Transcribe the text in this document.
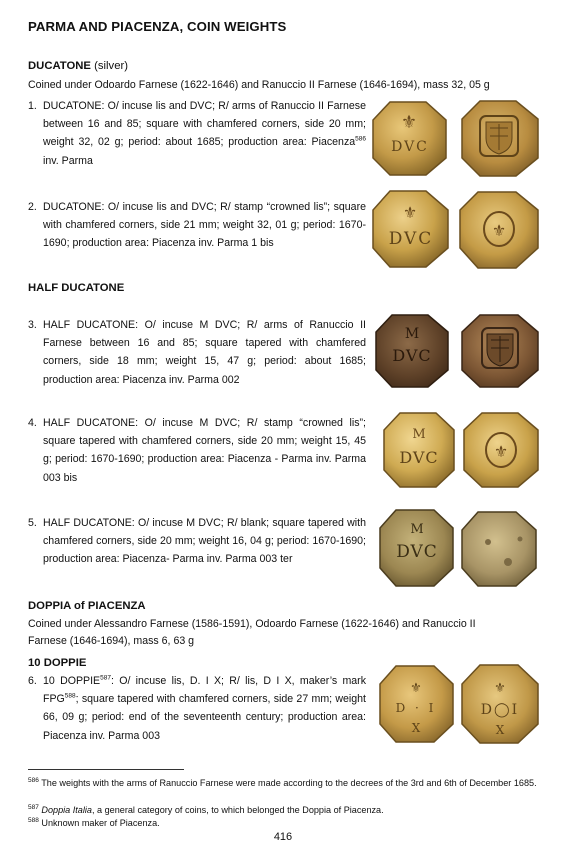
PARMA AND PIACENZA, COIN WEIGHTS
DUCATONE (silver)
Coined under Odoardo Farnese (1622-1646) and Ranuccio II Farnese (1646-1694), mass 32, 05 g
1. DUCATONE: O/ incuse lis and DVC; R/ arms of Ranuccio II Farnese between 16 and 85; square with chamfered corners, side 20 mm; weight 32, 02 g; period: about 1685; production area: Piacenza$^{586}$ inv. Parma
2. DUCATONE: O/ incuse lis and DVC; R/ stamp “crowned lis”; square with chamfered corners, side 21 mm; weight 32, 01 g; period: 1670-1690; production area: Piacenza inv. Parma 1 bis
HALF DUCATONE
3. HALF DUCATONE: O/ incuse M DVC; R/ arms of Ranuccio II Farnese between 16 and 85; square tapered with chamfered corners, side 18 mm; weight 15, 47 g; period: about 1685; production area: Piacenza inv. Parma 002
4. HALF DUCATONE: O/ incuse M DVC; R/ stamp “crowned lis”; square tapered with chamfered corners, side 20 mm; weight 15, 45 g; period: 1670-1690; production area: Piacenza - Parma inv. Parma 003 bis
5. HALF DUCATONE: O/ incuse M DVC; R/ blank; square tapered with chamfered corners, side 20 mm; weight 16, 04 g; period: 1670-1690; production area: Piacenza- Parma inv. Parma 003 ter
DOPPIA of PIACENZA
Coined under Alessandro Farnese (1586-1591), Odoardo Farnese (1622-1646) and Ranuccio II
Farnese (1646-1694), mass 6, 63 g
10 DOPPIE
6. 10 DOPPIE$^{587}$: O/ incuse lis, D. I X; R/ lis, D I X, maker’s mark FPG$^{588}$; square tapered with chamfered corners, side 27 mm; weight 66, 09 g; period: end of the seventeenth century; production area: Piacenza inv. Parma 003
⚜
DVC
⚜
DVC	⚜
M
DVC
M
DVC	⚜
M
DVC
⚜
D · I
X
⚜
D◯I
X
$^{586}$ The weights with the arms of Ranuccio Farnese were made according to the decrees of the 3rd and 6th of December 1685.
$^{587}$ Doppia Italia, a general category of coins, to which belonged the Doppia of Piacenza.
$^{588}$ Unknown maker of Piacenza.
416
